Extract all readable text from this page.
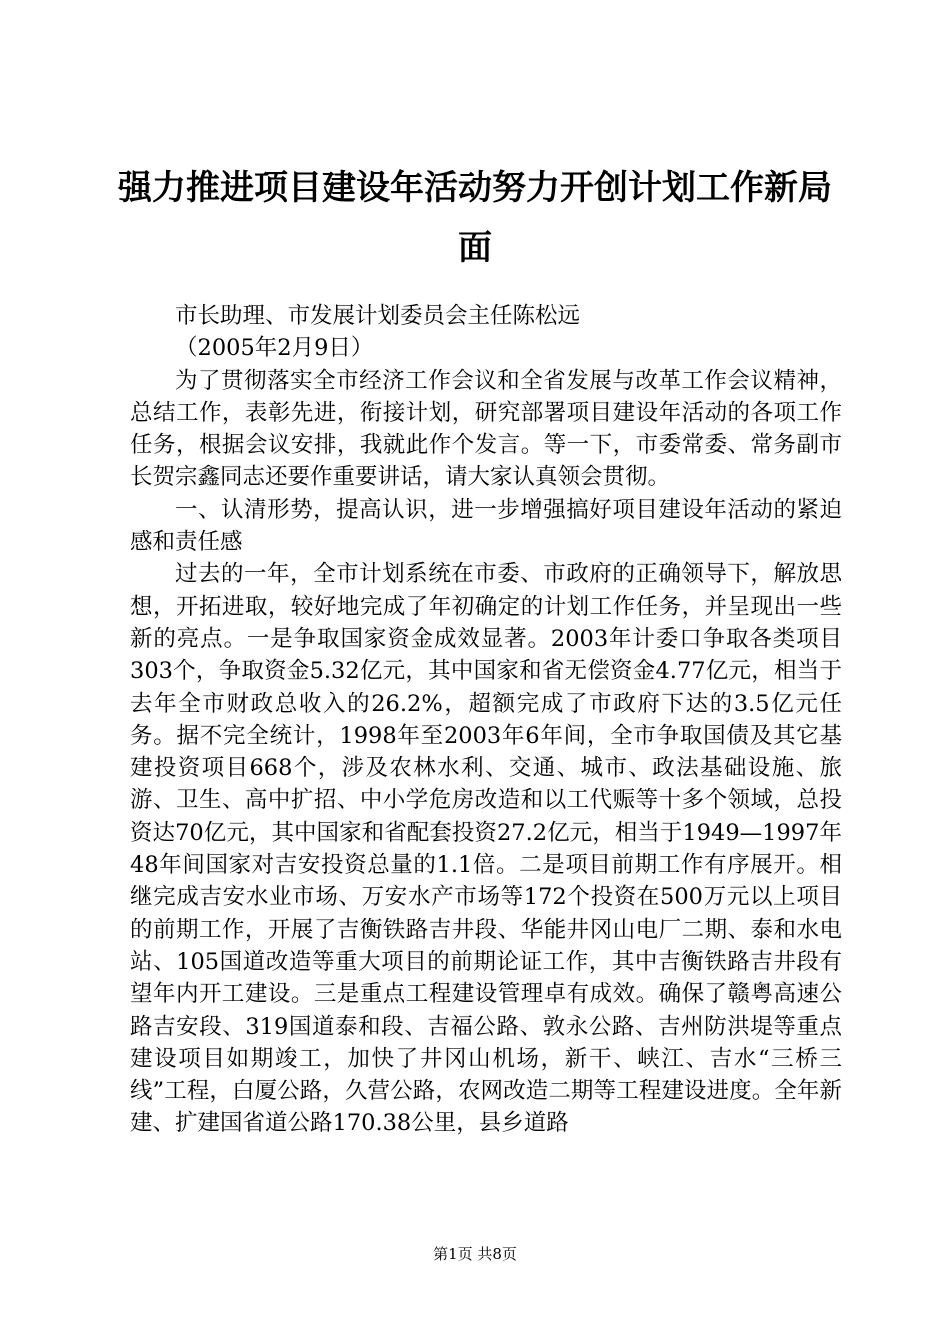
强力推进项目建设年活动努力开创计划工作新局面

市长助理、市发展计划委员会主任陈松远

（2005年2月9日）

为了贯彻落实全市经济工作会议和全省发展与改革工作会议精神，总结工作，表彰先进，衔接计划，研究部署项目建设年活动的各项工作任务，根据会议安排，我就此作个发言。等一下，市委常委、常务副市长贺宗鑫同志还要作重要讲话，请大家认真领会贯彻。

一、认清形势，提高认识，进一步增强搞好项目建设年活动的紧迫感和责任感

过去的一年，全市计划系统在市委、市政府的正确领导下，解放思想，开拓进取，较好地完成了年初确定的计划工作任务，并呈现出一些新的亮点。一是争取国家资金成效显著。2003年计委口争取各类项目303个，争取资金5.32亿元，其中国家和省无偿资金4.77亿元，相当于去年全市财政总收入的26.2%，超额完成了市政府下达的3.5亿元任务。据不完全统计，1998年至2003年6年间，全市争取国债及其它基建投资项目668个，涉及农林水利、交通、城市、政法基础设施、旅游、卫生、高中扩招、中小学危房改造和以工代赈等十多个领域，总投资达70亿元，其中国家和省配套投资27.2亿元，相当于1949—1997年48年间国家对吉安投资总量的1.1倍。二是项目前期工作有序展开。相继完成吉安水业市场、万安水产市场等172个投资在500万元以上项目的前期工作，开展了吉衡铁路吉井段、华能井冈山电厂二期、泰和水电站、105国道改造等重大项目的前期论证工作，其中吉衡铁路吉井段有望年内开工建设。三是重点工程建设管理卓有成效。确保了赣粤高速公路吉安段、319国道泰和段、吉福公路、敦永公路、吉州防洪堤等重点建设项目如期竣工，加快了井冈山机场，新干、峡江、吉水“三桥三线”工程，白厦公路，久营公路，农网改造二期等工程建设进度。全年新建、扩建国省道公路170.38公里，县乡道路

第1页 共8页
